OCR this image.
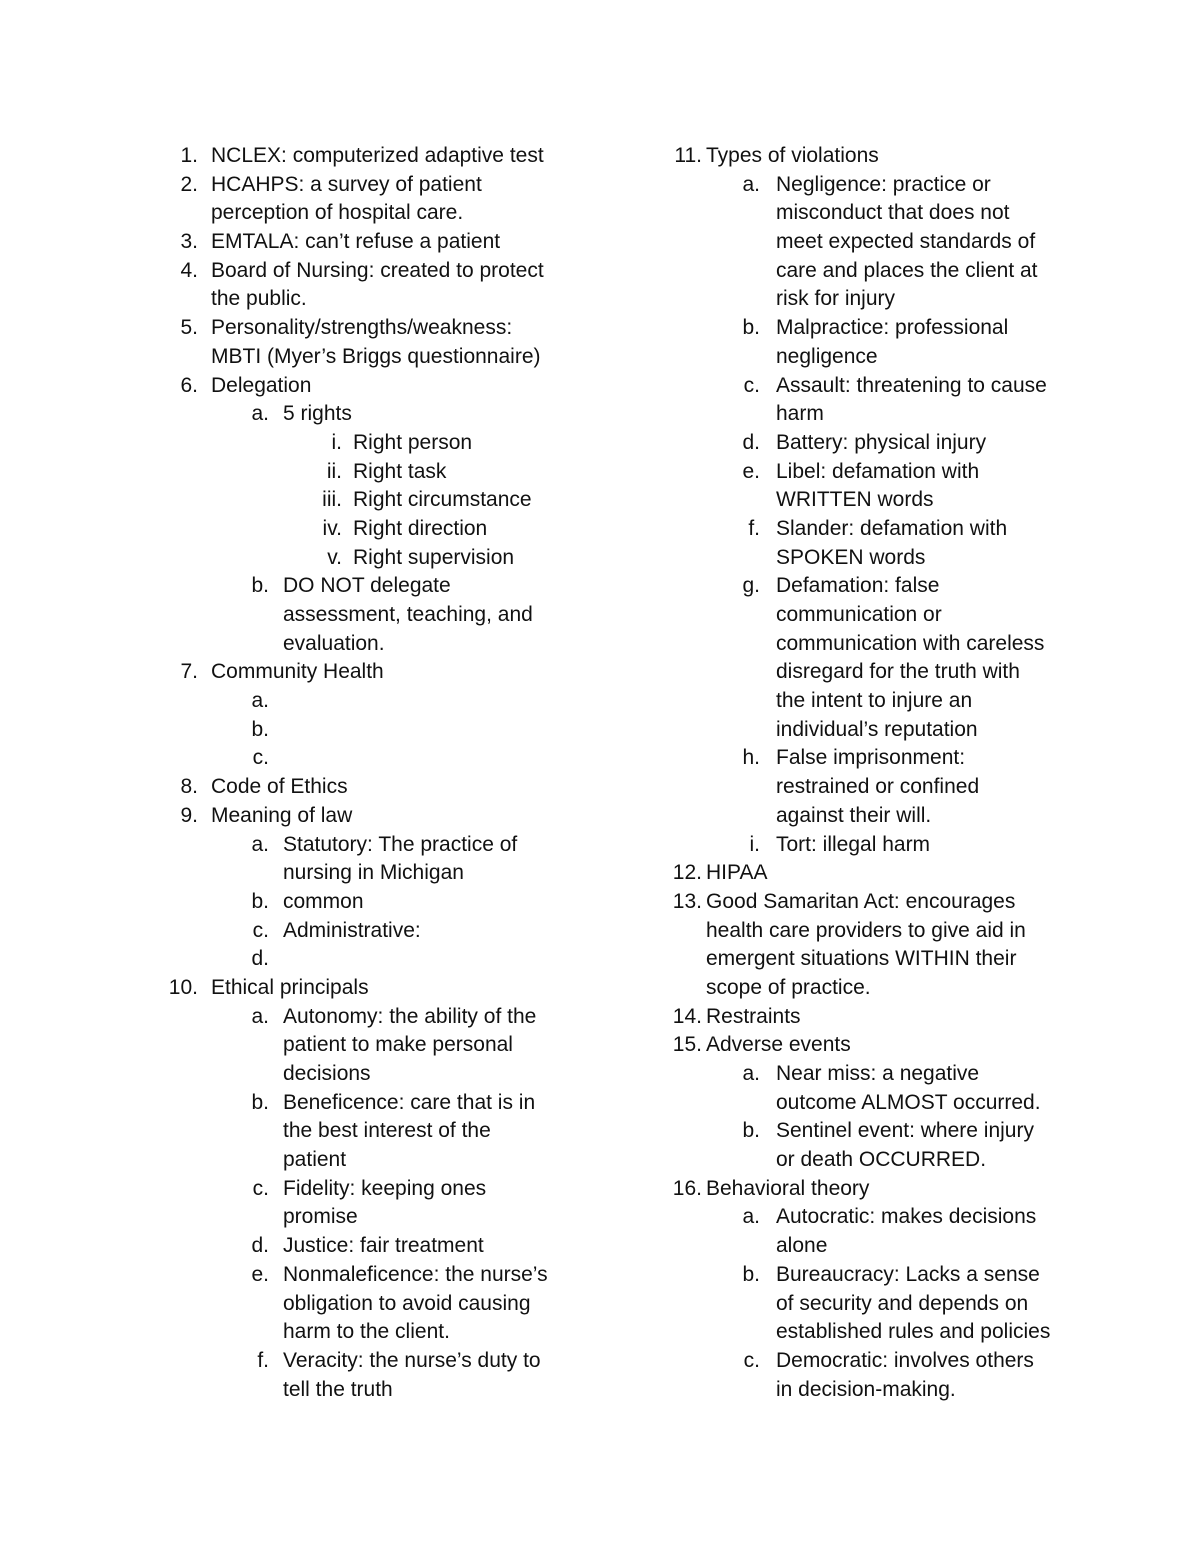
1. NCLEX: computerized adaptive test
2. HCAHPS: a survey of patient
perception of hospital care.
3. EMTALA: can’t refuse a patient
4. Board of Nursing: created to protect
the public.
5. Personality/strengths/weakness:
MBTI (Myer’s Briggs questionnaire)
6. Delegation
a. 5 rights
i. Right person
ii. Right task
iii. Right circumstance
iv. Right direction
v. Right supervision
b. DO NOT delegate
assessment, teaching, and
evaluation.
7. Community Health
a.
b.
c.
8. Code of Ethics
9. Meaning of law
a. Statutory: The practice of
nursing in Michigan
b. common
c. Administrative:
d.
10. Ethical principals
a. Autonomy: the ability of the
patient to make personal
decisions
b. Beneficence: care that is in
the best interest of the
patient
c. Fidelity: keeping ones
promise
d. Justice: fair treatment
e. Nonmaleficence: the nurse’s
obligation to avoid causing
harm to the client.
f. Veracity: the nurse’s duty to
tell the truth
11. Types of violations
a. Negligence: practice or
misconduct that does not
meet expected standards of
care and places the client at
risk for injury
b. Malpractice: professional
negligence
c. Assault: threatening to cause
harm
d. Battery: physical injury
e. Libel: defamation with
WRITTEN words
f. Slander: defamation with
SPOKEN words
g. Defamation: false
communication or
communication with careless
disregard for the truth with
the intent to injure an
individual’s reputation
h. False imprisonment:
restrained or confined
against their will.
i. Tort: illegal harm
12. HIPAA
13. Good Samaritan Act: encourages
health care providers to give aid in
emergent situations WITHIN their
scope of practice.
14. Restraints
15. Adverse events
a. Near miss: a negative
outcome ALMOST occurred.
b. Sentinel event: where injury
or death OCCURRED.
16. Behavioral theory
a. Autocratic: makes decisions
alone
b. Bureaucracy: Lacks a sense
of security and depends on
established rules and policies
c. Democratic: involves others
in decision-making.
